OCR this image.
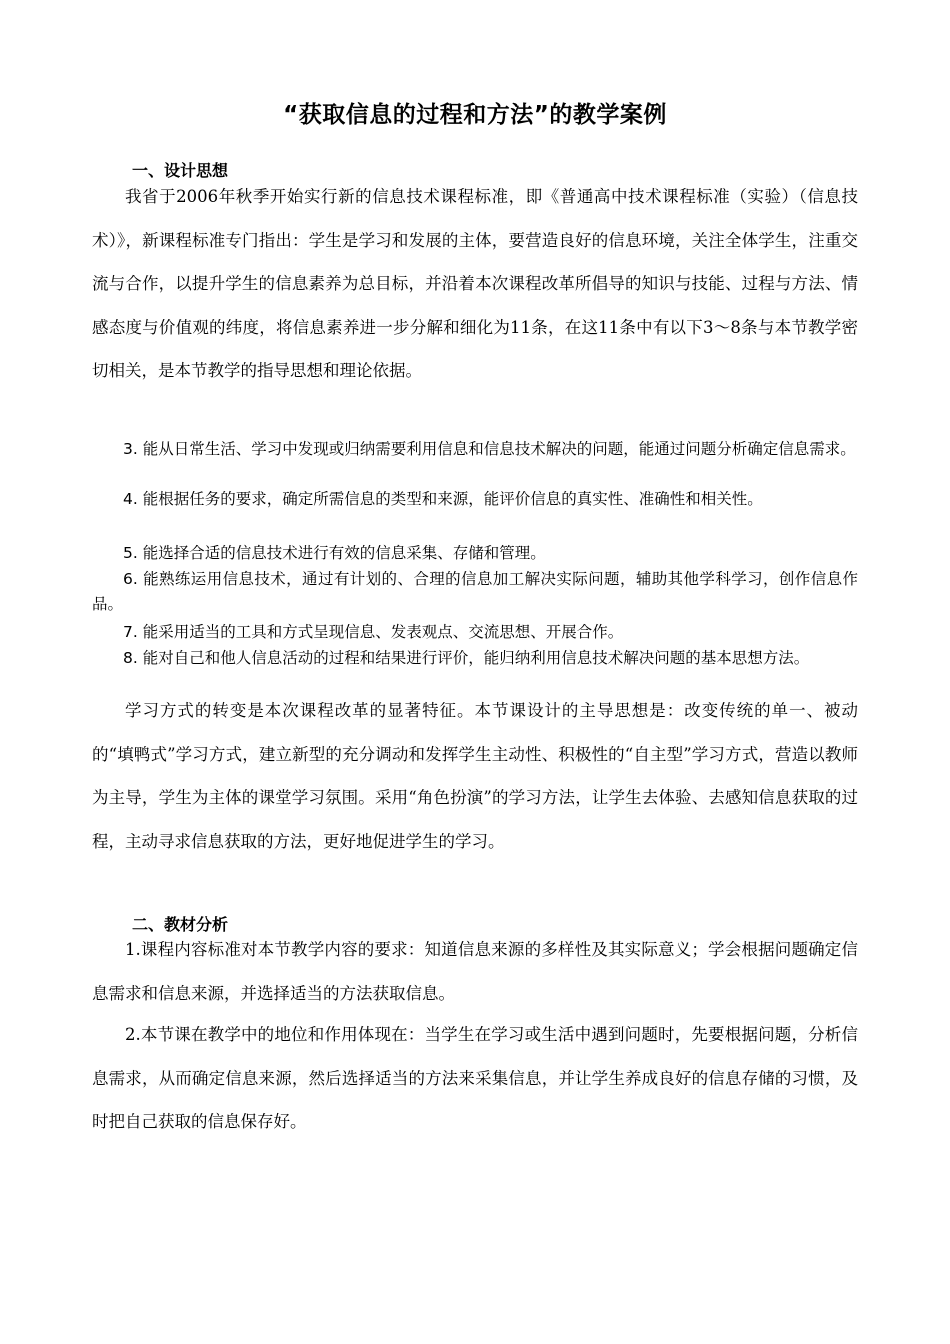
“获取信息的过程和方法”的教学案例
一、设计思想

我省于2006年秋季开始实行新的信息技术课程标准，即《普通高中技术课程标准（实验）（信息技术）》，新课程标准专门指出：学生是学习和发展的主体，要营造良好的信息环境，关注全体学生，注重交流与合作，以提升学生的信息素养为总目标，并沿着本次课程改革所倡导的知识与技能、过程与方法、情感态度与价值观的纬度，将信息素养进一步分解和细化为11条，在这11条中有以下3～8条与本节教学密切相关，是本节教学的指导思想和理论依据。

3. 能从日常生活、学习中发现或归纳需要利用信息和信息技术解决的问题，能通过问题分析确定信息需求。

4. 能根据任务的要求，确定所需信息的类型和来源，能评价信息的真实性、准确性和相关性。

5. 能选择合适的信息技术进行有效的信息采集、存储和管理。

6. 能熟练运用信息技术，通过有计划的、合理的信息加工解决实际问题，辅助其他学科学习，创作信息作品。

7. 能采用适当的工具和方式呈现信息、发表观点、交流思想、开展合作。

8. 能对自己和他人信息活动的过程和结果进行评价，能归纳利用信息技术解决问题的基本思想方法。

学习方式的转变是本次课程改革的显著特征。本节课设计的主导思想是：改变传统的单一、被动的“填鸭式”学习方式，建立新型的充分调动和发挥学生主动性、积极性的“自主型”学习方式，营造以教师为主导，学生为主体的课堂学习氛围。采用“角色扮演”的学习方法，让学生去体验、去感知信息获取的过程，主动寻求信息获取的方法，更好地促进学生的学习。

二、教材分析

1.课程内容标准对本节教学内容的要求：知道信息来源的多样性及其实际意义；学会根据问题确定信息需求和信息来源，并选择适当的方法获取信息。

2.本节课在教学中的地位和作用体现在：当学生在学习或生活中遇到问题时，先要根据问题，分析信息需求，从而确定信息来源，然后选择适当的方法来采集信息，并让学生养成良好的信息存储的习惯，及时把自己获取的信息保存好。
